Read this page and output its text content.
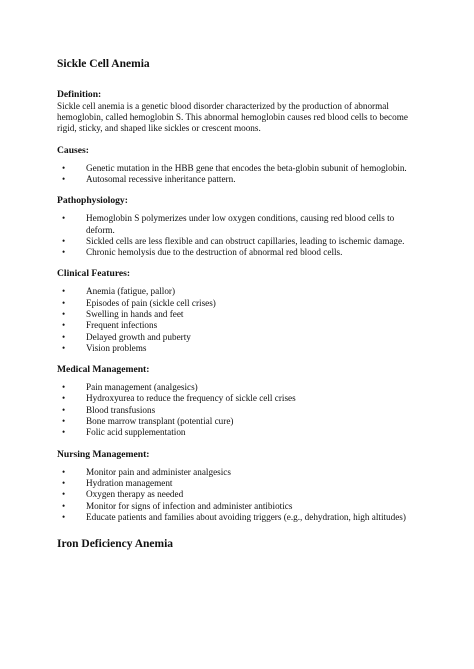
Sickle Cell Anemia
Definition:

Sickle cell anemia is a genetic blood disorder characterized by the production of abnormal hemoglobin, called hemoglobin S. This abnormal hemoglobin causes red blood cells to become rigid, sticky, and shaped like sickles or crescent moons.

Causes:
• Genetic mutation in the HBB gene that encodes the beta-globin subunit of hemoglobin.
• Autosomal recessive inheritance pattern.
Pathophysiology:
• Hemoglobin S polymerizes under low oxygen conditions, causing red blood cells to deform.
• Sickled cells are less flexible and can obstruct capillaries, leading to ischemic damage.
• Chronic hemolysis due to the destruction of abnormal red blood cells.
Clinical Features:
• Anemia (fatigue, pallor)
• Episodes of pain (sickle cell crises)
• Swelling in hands and feet
• Frequent infections
• Delayed growth and puberty
• Vision problems
Medical Management:
• Pain management (analgesics)
• Hydroxyurea to reduce the frequency of sickle cell crises
• Blood transfusions
• Bone marrow transplant (potential cure)
• Folic acid supplementation
Nursing Management:
• Monitor pain and administer analgesics
• Hydration management
• Oxygen therapy as needed
• Monitor for signs of infection and administer antibiotics
• Educate patients and families about avoiding triggers (e.g., dehydration, high altitudes)
Iron Deficiency Anemia
